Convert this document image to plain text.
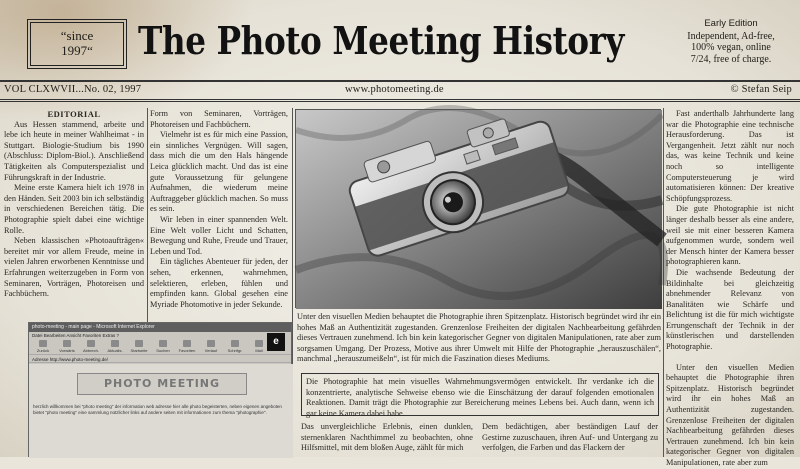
“since
1997“	The Photo Meeting History	Early Edition
Independent, Ad-free,
100% vegan, online
7/24, free of charge.
VOL CLXWVII...No. 02, 1997	www.photomeeting.de	© Stefan Seip

EDITORIAL

Aus Hessen stammend, arbeite und lebe ich heute in meiner Wahlheimat - in Stuttgart. Biologie-Studium bis 1990 (Abschluss: Diplom-Biol.). Anschließend Tätigkeiten als Computerspezialist und Führungskraft in der Industrie.

Meine erste Kamera hielt ich 1978 in den Händen. Seit 2003 bin ich selbständig in verschiedenen Bereichen tätig. Die Photographie spielt dabei eine wichtige Rolle.

Neben klassischen »Photoaufträgen« bereitet mir vor allem Freude, meine in vielen Jahren erworbenen Kenntnisse und Erfahrungen weiterzugeben in Form von Seminaren, Vorträgen, Photoreisen und Fachbüchern.

Form von Seminaren, Vorträgen, Photoreisen und Fachbüchern.

Vielmehr ist es für mich eine Passion, ein sinnliches Vergnügen. Will sagen, dass mich die um den Hals hängende Leica glücklich macht. Und das ist eine gute Voraussetzung für gelungene Aufnahmen, die wiederum meine Auftraggeber glücklich machen. So muss es sein.

Wir leben in einer spannenden Welt. Eine Welt voller Licht und Schatten, Bewegung und Ruhe, Freude und Trauer, Leben und Tod.

Ein tägliches Abenteuer für jeden, der sehen, erkennen, wahrnehmen, selektieren, erleben, fühlen und empfinden kann. Global gesehen eine Myriade Photomotive in jeder Sekunde.

photo-meeting - main page - Microsoft Internet Explorer
Datei Bearbeiten Ansicht Favoriten Extras ?
Zurück	Vorwärts	Abbrech.	Aktualis.	Startseite	Suchen	Favoriten	Verlauf	Schrifgr.	Mail
Adresse http://www.photo-meeting.de/
e
PHOTO MEETING
herzlich willkommen bei "photo meeting" der information web adresse hier alle photo begeisterten, neben eigenen angeboten bietet "photo meeting" eine sammlung nützlicher links auf andere seiten mit informationen zum thema "photographie".
Unter den visuellen Medien behauptet die Photographie ihren Spitzenplatz. Historisch begründet wird ihr ein hohes Maß an Authentizität zugestanden. Grenzenlose Freiheiten der digitalen Nachbearbeitung gefährden dieses Vertrauen zunehmend. Ich bin kein kategorischer Gegner von digitalen Manipulationen, rate aber zum sorgsamen Umgang. Der Prozess, Motive aus ihrer Umwelt mit Hilfe der Photographie „herauszuschälen“, manchmal „herauszumeißeln“, ist für mich die Faszination dieses Mediums.
Die Photographie hat mein visuelles Wahrnehmungsvermögen entwickelt. Ihr verdanke ich die konzentrierte, analytische Sehweise ebenso wie die Einschätzung der darauf folgenden emotionalen Reaktionen. Damit trägt die Photographie zur Bereicherung meines Lebens bei. Auch dann, wenn ich gar keine Kamera dabei habe.
Das unvergleichliche Erlebnis, einen dunklen, sternenklaren Nachthimmel zu beobachten, ohne Hilfsmittel, mit dem bloßen Auge, zählt für mich
Dem bedächtigen, aber beständigen Lauf der Gestirne zuzuschauen, ihren Auf- und Untergang zu verfolgen, die Farben und das Flackern der

Fast anderthalb Jahrhunderte lang war die Photographie eine technische Herausforderung. Das ist Vergangenheit. Jetzt zählt nur noch das, was keine Technik und keine noch so intelligente Computersteuerung je wird automatisieren können: Der kreative Schöpfungsprozess.

Die gute Photographie ist nicht länger deshalb besser als eine andere, weil sie mit einer besseren Kamera aufgenommen wurde, sondern weil der Mensch hinter der Kamera besser photographieren kann.

Die wachsende Bedeutung der Bildinhalte bei gleichzeitig abnehmender Relevanz von Banalitäten wie Schärfe und Belichtung ist die für mich wichtigste Errungenschaft der Technik in der künstlerischen und darstellenden Photographie.

Unter den visuellen Medien behauptet die Photographie ihren Spitzenplatz. Historisch begründet wird ihr ein hohes Maß an Authentizität zugestanden. Grenzenlose Freiheiten der digitalen Nachbearbeitung gefährden dieses Vertrauen zunehmend. Ich bin kein kategorischer Gegner von digitalen Manipulationen, rate aber zum
